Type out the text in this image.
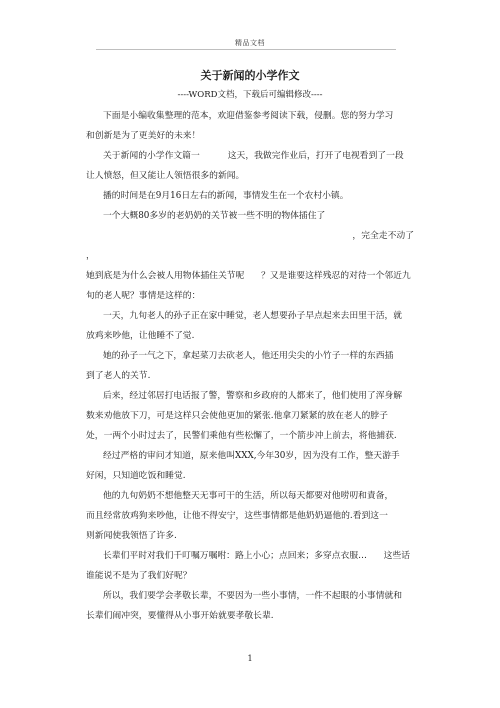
精品文档
关于新闻的小学作文
----WORD文档，下载后可编辑修改----

下面是小编收集整理的范本，欢迎借鉴参考阅读下载，侵删。您的努力学习

和创新是为了更美好的未来！

关于新闻的小学作文篇一          这天，我做完作业后，打开了电视看到了一段

让人愤怒，但又能让人领悟很多的新闻。

播的时间是在9月16日左右的新闻，事情发生在一个农村小镇。

一个大概80多岁的老奶奶的关节被一些不明的物体插住了

，完全走不动了

，

她到底是为什么会被人用物体插住关节呢      ？又是谁要这样残忍的对待一个邻近九

旬的老人呢？事情是这样的：

一天，九旬老人的孙子正在家中睡觉，老人想要孙子早点起来去田里干活，就

放鸡来吵他，让他睡不了觉.

她的孙子一气之下，拿起菜刀去砍老人，他还用尖尖的小竹子一样的东西插

到了老人的关节.

后来，经过邻居打电话报了警，警察和乡政府的人都来了，他们使用了浑身解

数来劝他放下刀，可是这样只会使他更加的紧张.他拿刀紧紧的放在老人的脖子

处，一两个小时过去了，民警们乘他有些松懈了，一个箭步冲上前去，将他捕获.

经过严格的审问才知道，原来他叫XXX,今年30岁，因为没有工作，整天游手

好闲，只知道吃饭和睡觉.

他的九旬奶奶不想他整天无事可干的生活，所以每天都要对他唠叨和責备，

而且经常放鸡狗来吵他，让他不得安宁，这些事情都是他奶奶逼他的.看到这一

则新闻使我领悟了许多.

长辈们平时对我们千叮嘱万嘱咐：路上小心；点回来；多穿点衣服…      这些话

谁能说不是为了我们好呢？

所以，我们要学会孝敬长辈，不要因为一些小事情，一件不起眼的小事情就和

长辈们闹冲突，要懂得从小事开始就要孝敬长辈.

1
